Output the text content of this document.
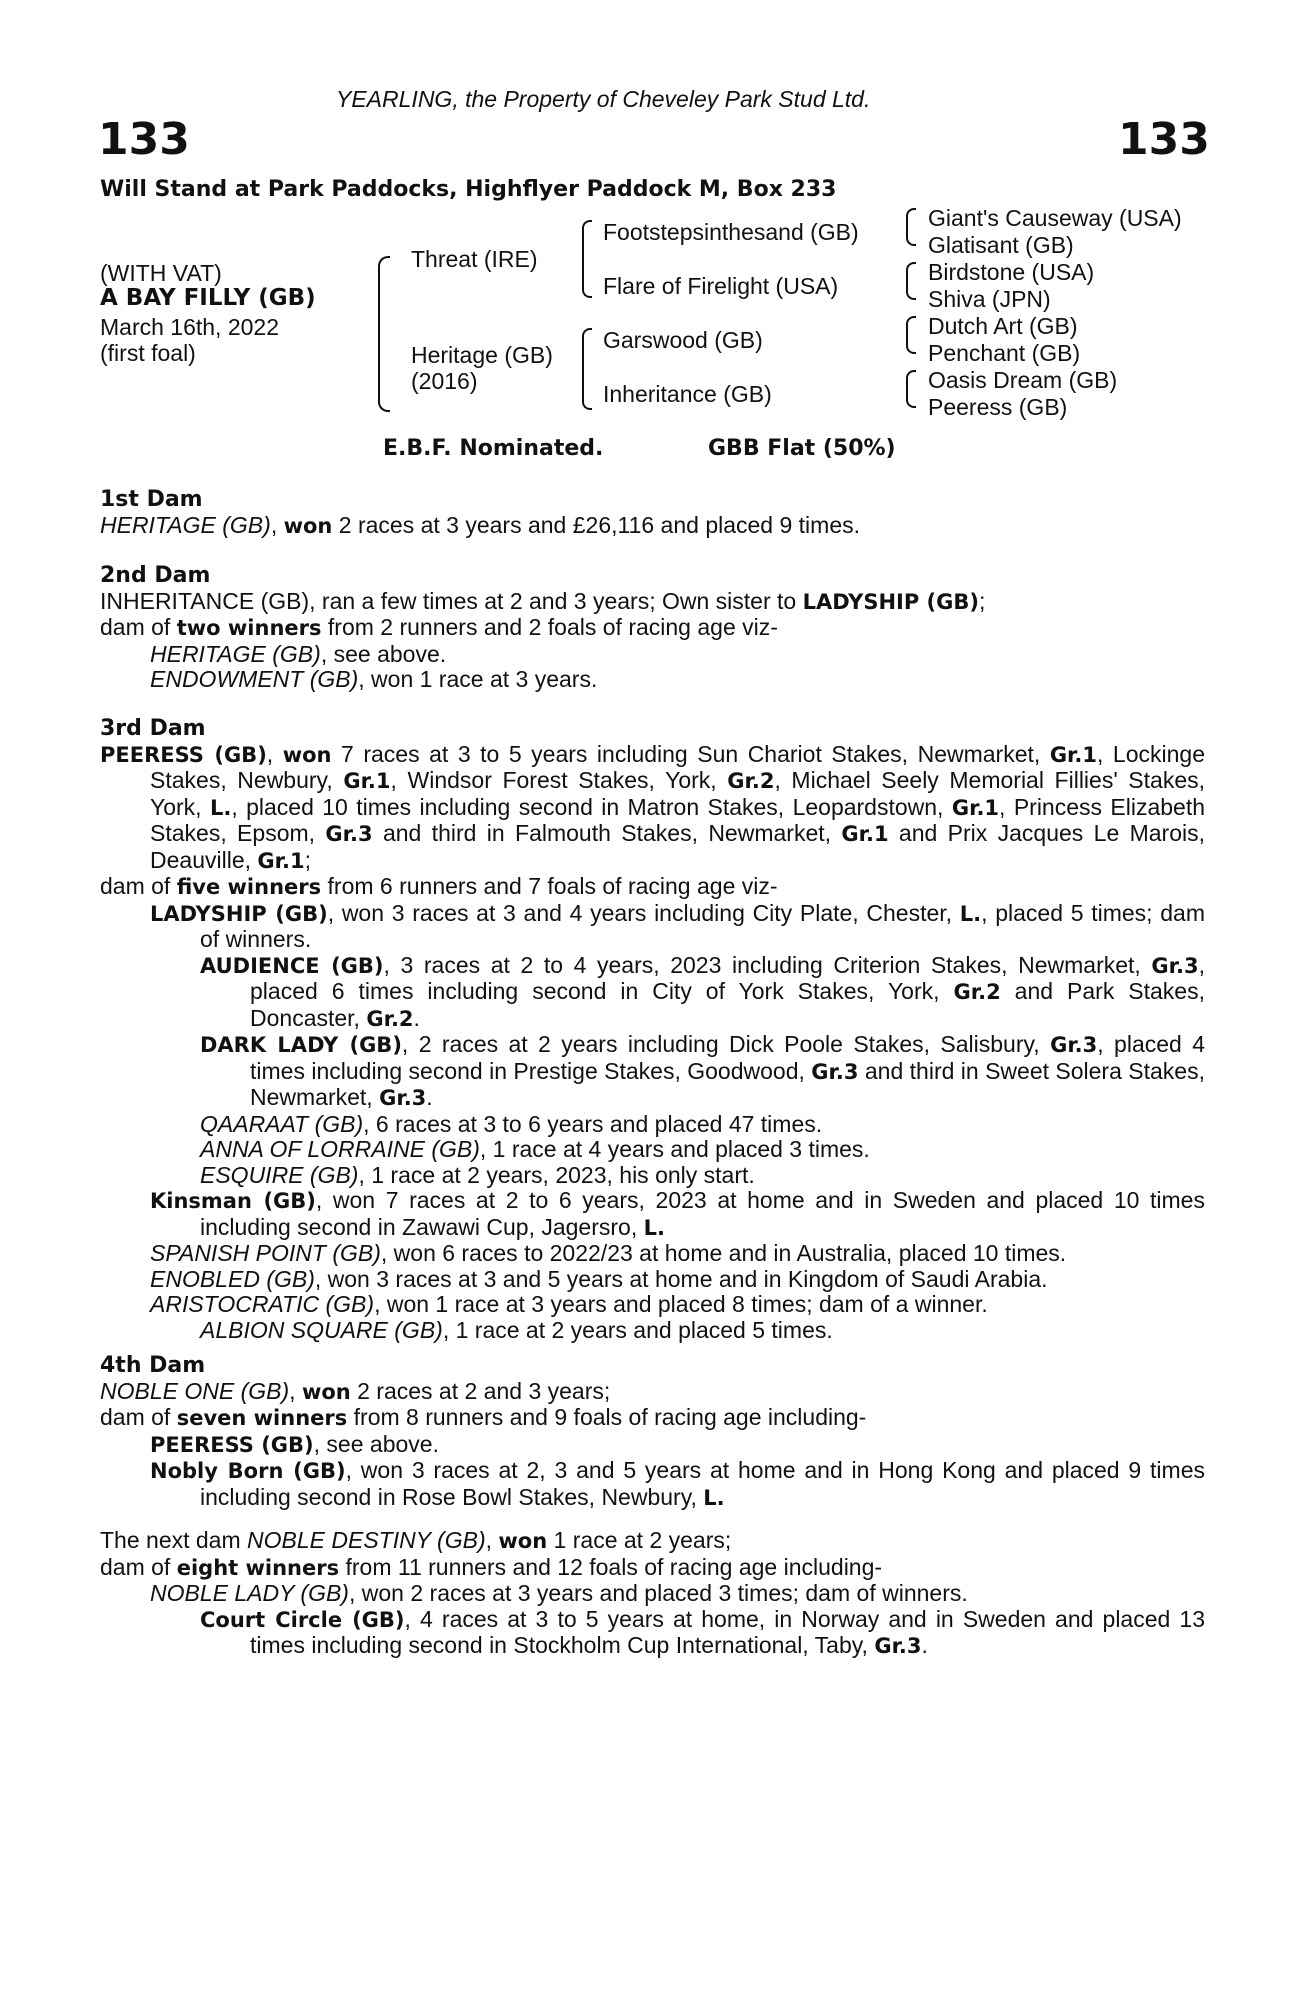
YEARLING, the Property of Cheveley Park Stud Ltd.
133	133
Will Stand at Park Paddocks, Highflyer Paddock M, Box 233
(WITH VAT)
A BAY FILLY (GB)
March 16th, 2022
(first foal)
Threat (IRE)
Heritage (GB)
(2016)
Footstepsinthesand (GB)
Flare of Firelight (USA)
Garswood (GB)
Inheritance (GB)
Giant's Causeway (USA)
Glatisant (GB)
Birdstone (USA)
Shiva (JPN)
Dutch Art (GB)
Penchant (GB)
Oasis Dream (GB)
Peeress (GB)
E.B.F. Nominated.	GBB Flat (50%)

1st Dam

HERITAGE (GB), won 2 races at 3 years and £26,116 and placed 9 times.

2nd Dam

INHERITANCE (GB), ran a few times at 2 and 3 years; Own sister to LADYSHIP (GB);

dam of two winners from 2 runners and 2 foals of racing age viz-

HERITAGE (GB), see above.

ENDOWMENT (GB), won 1 race at 3 years.

3rd Dam

PEERESS (GB), won 7 races at 3 to 5 years including Sun Chariot Stakes, Newmarket, Gr.1, Lockinge Stakes, Newbury, Gr.1, Windsor Forest Stakes, York, Gr.2, Michael Seely Memorial Fillies' Stakes, York, L., placed 10 times including second in Matron Stakes, Leopardstown, Gr.1, Princess Elizabeth Stakes, Epsom, Gr.3 and third in Falmouth Stakes, Newmarket, Gr.1 and Prix Jacques Le Marois, Deauville, Gr.1;

dam of five winners from 6 runners and 7 foals of racing age viz-

LADYSHIP (GB), won 3 races at 3 and 4 years including City Plate, Chester, L., placed 5 times; dam of winners.

AUDIENCE (GB), 3 races at 2 to 4 years, 2023 including Criterion Stakes, Newmarket, Gr.3, placed 6 times including second in City of York Stakes, York, Gr.2 and Park Stakes, Doncaster, Gr.2.

DARK LADY (GB), 2 races at 2 years including Dick Poole Stakes, Salisbury, Gr.3, placed 4 times including second in Prestige Stakes, Goodwood, Gr.3 and third in Sweet Solera Stakes, Newmarket, Gr.3.

QAARAAT (GB), 6 races at 3 to 6 years and placed 47 times.

ANNA OF LORRAINE (GB), 1 race at 4 years and placed 3 times.

ESQUIRE (GB), 1 race at 2 years, 2023, his only start.

Kinsman (GB), won 7 races at 2 to 6 years, 2023 at home and in Sweden and placed 10 times including second in Zawawi Cup, Jagersro, L.

SPANISH POINT (GB), won 6 races to 2022/23 at home and in Australia, placed 10 times.

ENOBLED (GB), won 3 races at 3 and 5 years at home and in Kingdom of Saudi Arabia.

ARISTOCRATIC (GB), won 1 race at 3 years and placed 8 times; dam of a winner.

ALBION SQUARE (GB), 1 race at 2 years and placed 5 times.

4th Dam

NOBLE ONE (GB), won 2 races at 2 and 3 years;

dam of seven winners from 8 runners and 9 foals of racing age including-

PEERESS (GB), see above.

Nobly Born (GB), won 3 races at 2, 3 and 5 years at home and in Hong Kong and placed 9 times including second in Rose Bowl Stakes, Newbury, L.

The next dam NOBLE DESTINY (GB), won 1 race at 2 years;

dam of eight winners from 11 runners and 12 foals of racing age including-

NOBLE LADY (GB), won 2 races at 3 years and placed 3 times; dam of winners.

Court Circle (GB), 4 races at 3 to 5 years at home, in Norway and in Sweden and placed 13 times including second in Stockholm Cup International, Taby, Gr.3.
